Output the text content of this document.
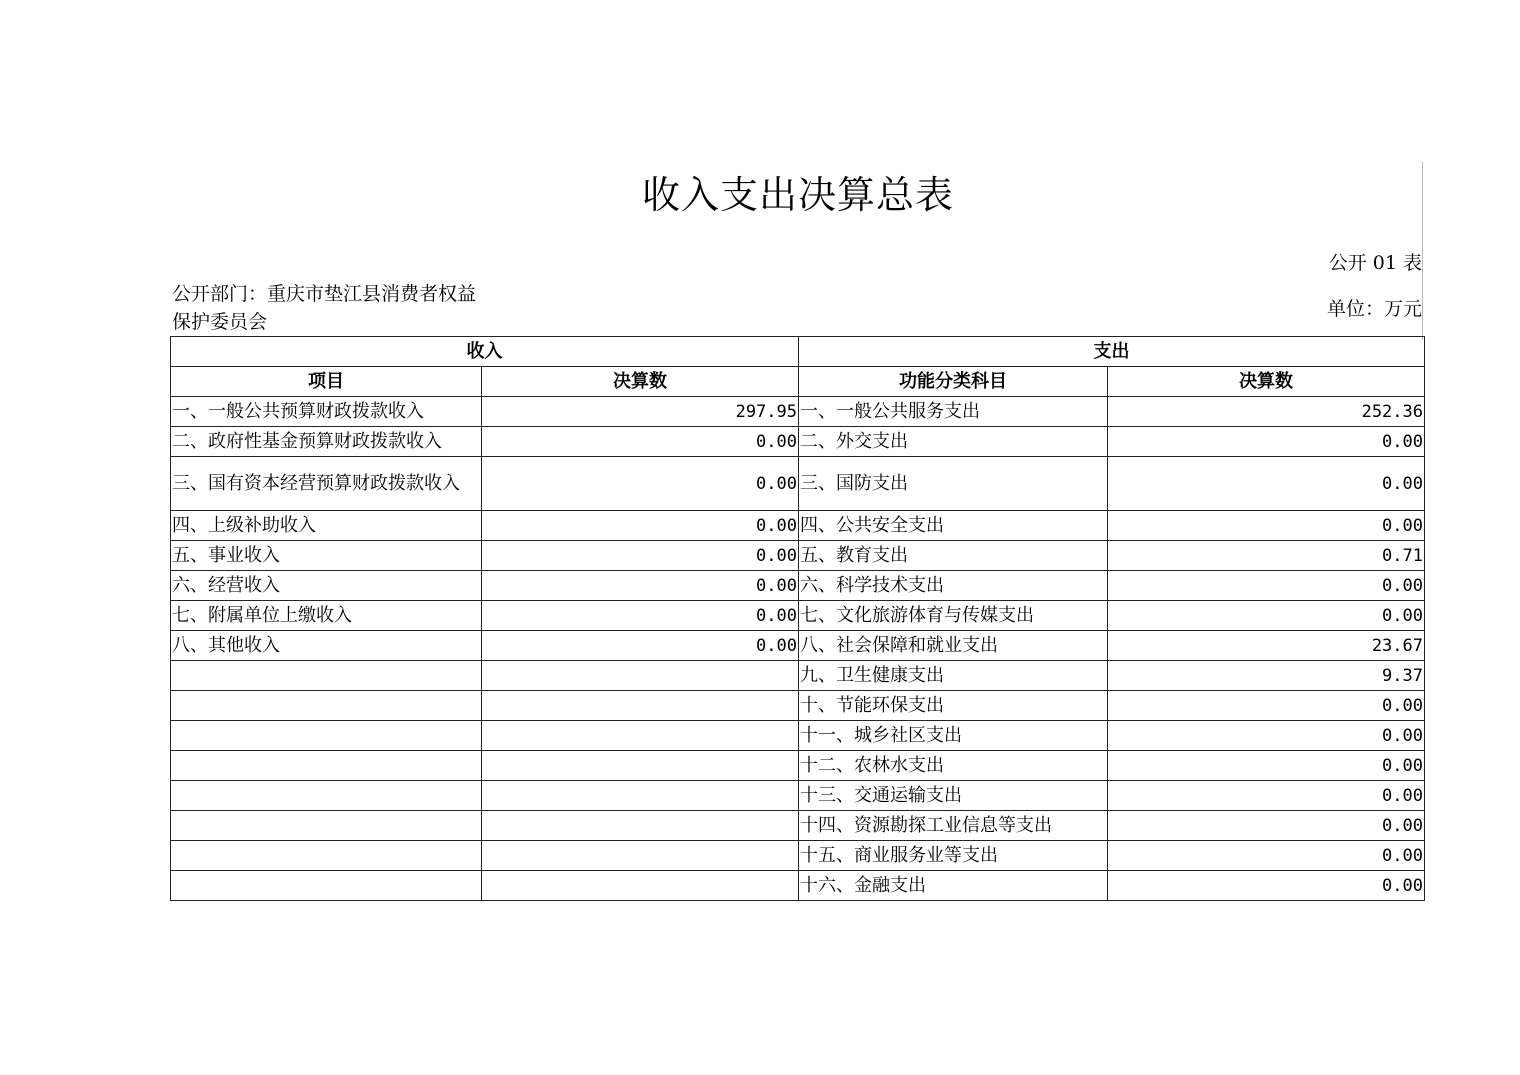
收入支出决算总表
公开 01 表
公开部门：重庆市垫江县消费者权益保护委员会
单位：万元
收入		支出	
项目	决算数	功能分类科目	决算数
一、一般公共预算财政拨款收入	297.95	一、一般公共服务支出	252.36
二、政府性基金预算财政拨款收入	0.00	二、外交支出	0.00
三、国有资本经营预算财政拨款收入	0.00	三、国防支出	0.00
四、上级补助收入	0.00	四、公共安全支出	0.00
五、事业收入	0.00	五、教育支出	0.71
六、经营收入	0.00	六、科学技术支出	0.00
七、附属单位上缴收入	0.00	七、文化旅游体育与传媒支出	0.00
八、其他收入	0.00	八、社会保障和就业支出	23.67
		九、卫生健康支出	9.37
		十、节能环保支出	0.00
		十一、城乡社区支出	0.00
		十二、农林水支出	0.00
		十三、交通运输支出	0.00
		十四、资源勘探工业信息等支出	0.00
		十五、商业服务业等支出	0.00
		十六、金融支出	0.00
